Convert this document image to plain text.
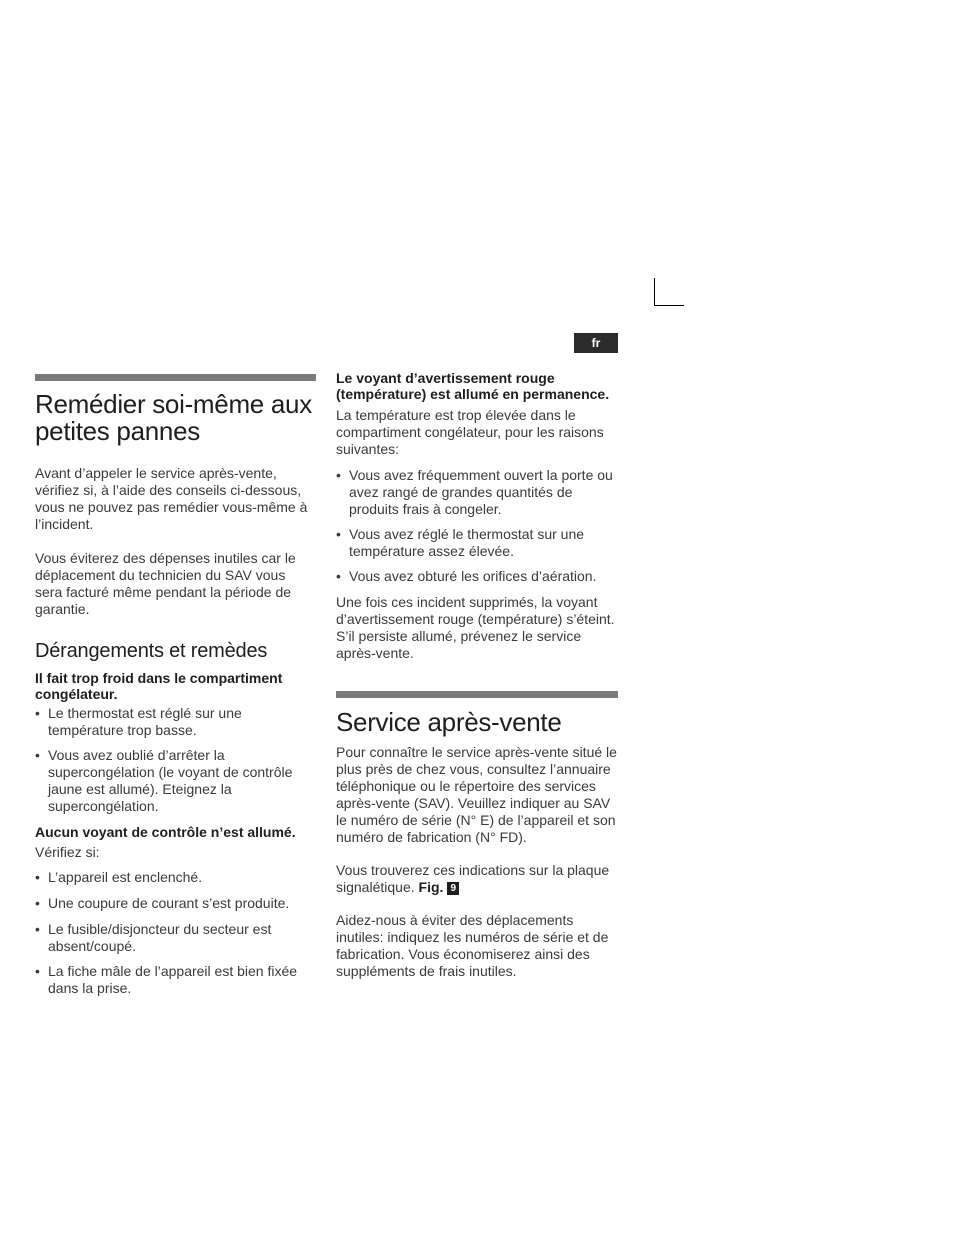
fr
Remédier soi-même aux petites pannes

Avant d’appeler le service après-vente, vérifiez si, à l’aide des conseils ci-dessous, vous ne pouvez pas remédier vous-même à l’incident.

Vous éviterez des dépenses inutiles car le déplacement du technicien du SAV vous sera facturé même pendant la période de garantie.

Dérangements et remèdes
Il fait trop froid dans le compartiment congélateur.
• Le thermostat est réglé sur une température trop basse.
• Vous avez oublié d’arrêter la supercongélation (le voyant de contrôle jaune est allumé). Eteignez la supercongélation.
Aucun voyant de contrôle n’est allumé.

Vérifiez si:

• L’appareil est enclenché.
• Une coupure de courant s’est produite.
• Le fusible/disjoncteur du secteur est absent/coupé.
• La fiche mâle de l’appareil est bien fixée dans la prise.
Le voyant d’avertissement rouge (température) est allumé en permanence.

La température est trop élevée dans le compartiment congélateur, pour les raisons suivantes:

• Vous avez fréquemment ouvert la porte ou avez rangé de grandes quantités de produits frais à congeler.
• Vous avez réglé le thermostat sur une température assez élevée.
• Vous avez obturé les orifices d’aération.

Une fois ces incident supprimés, la voyant d’avertissement rouge (température) s’éteint. S’il persiste allumé, prévenez le service après-vente.

Service après-vente

Pour connaître le service après-vente situé le plus près de chez vous, consultez l’annuaire téléphonique ou le répertoire des services après-vente (SAV). Veuillez indiquer au SAV le numéro de série (N° E) de l’appareil et son numéro de fabrication (N° FD).

Vous trouverez ces indications sur la plaque signalétique. Fig. 9

Aidez-nous à éviter des déplacements inutiles: indiquez les numéros de série et de fabrication. Vous économiserez ainsi des suppléments de frais inutiles.
